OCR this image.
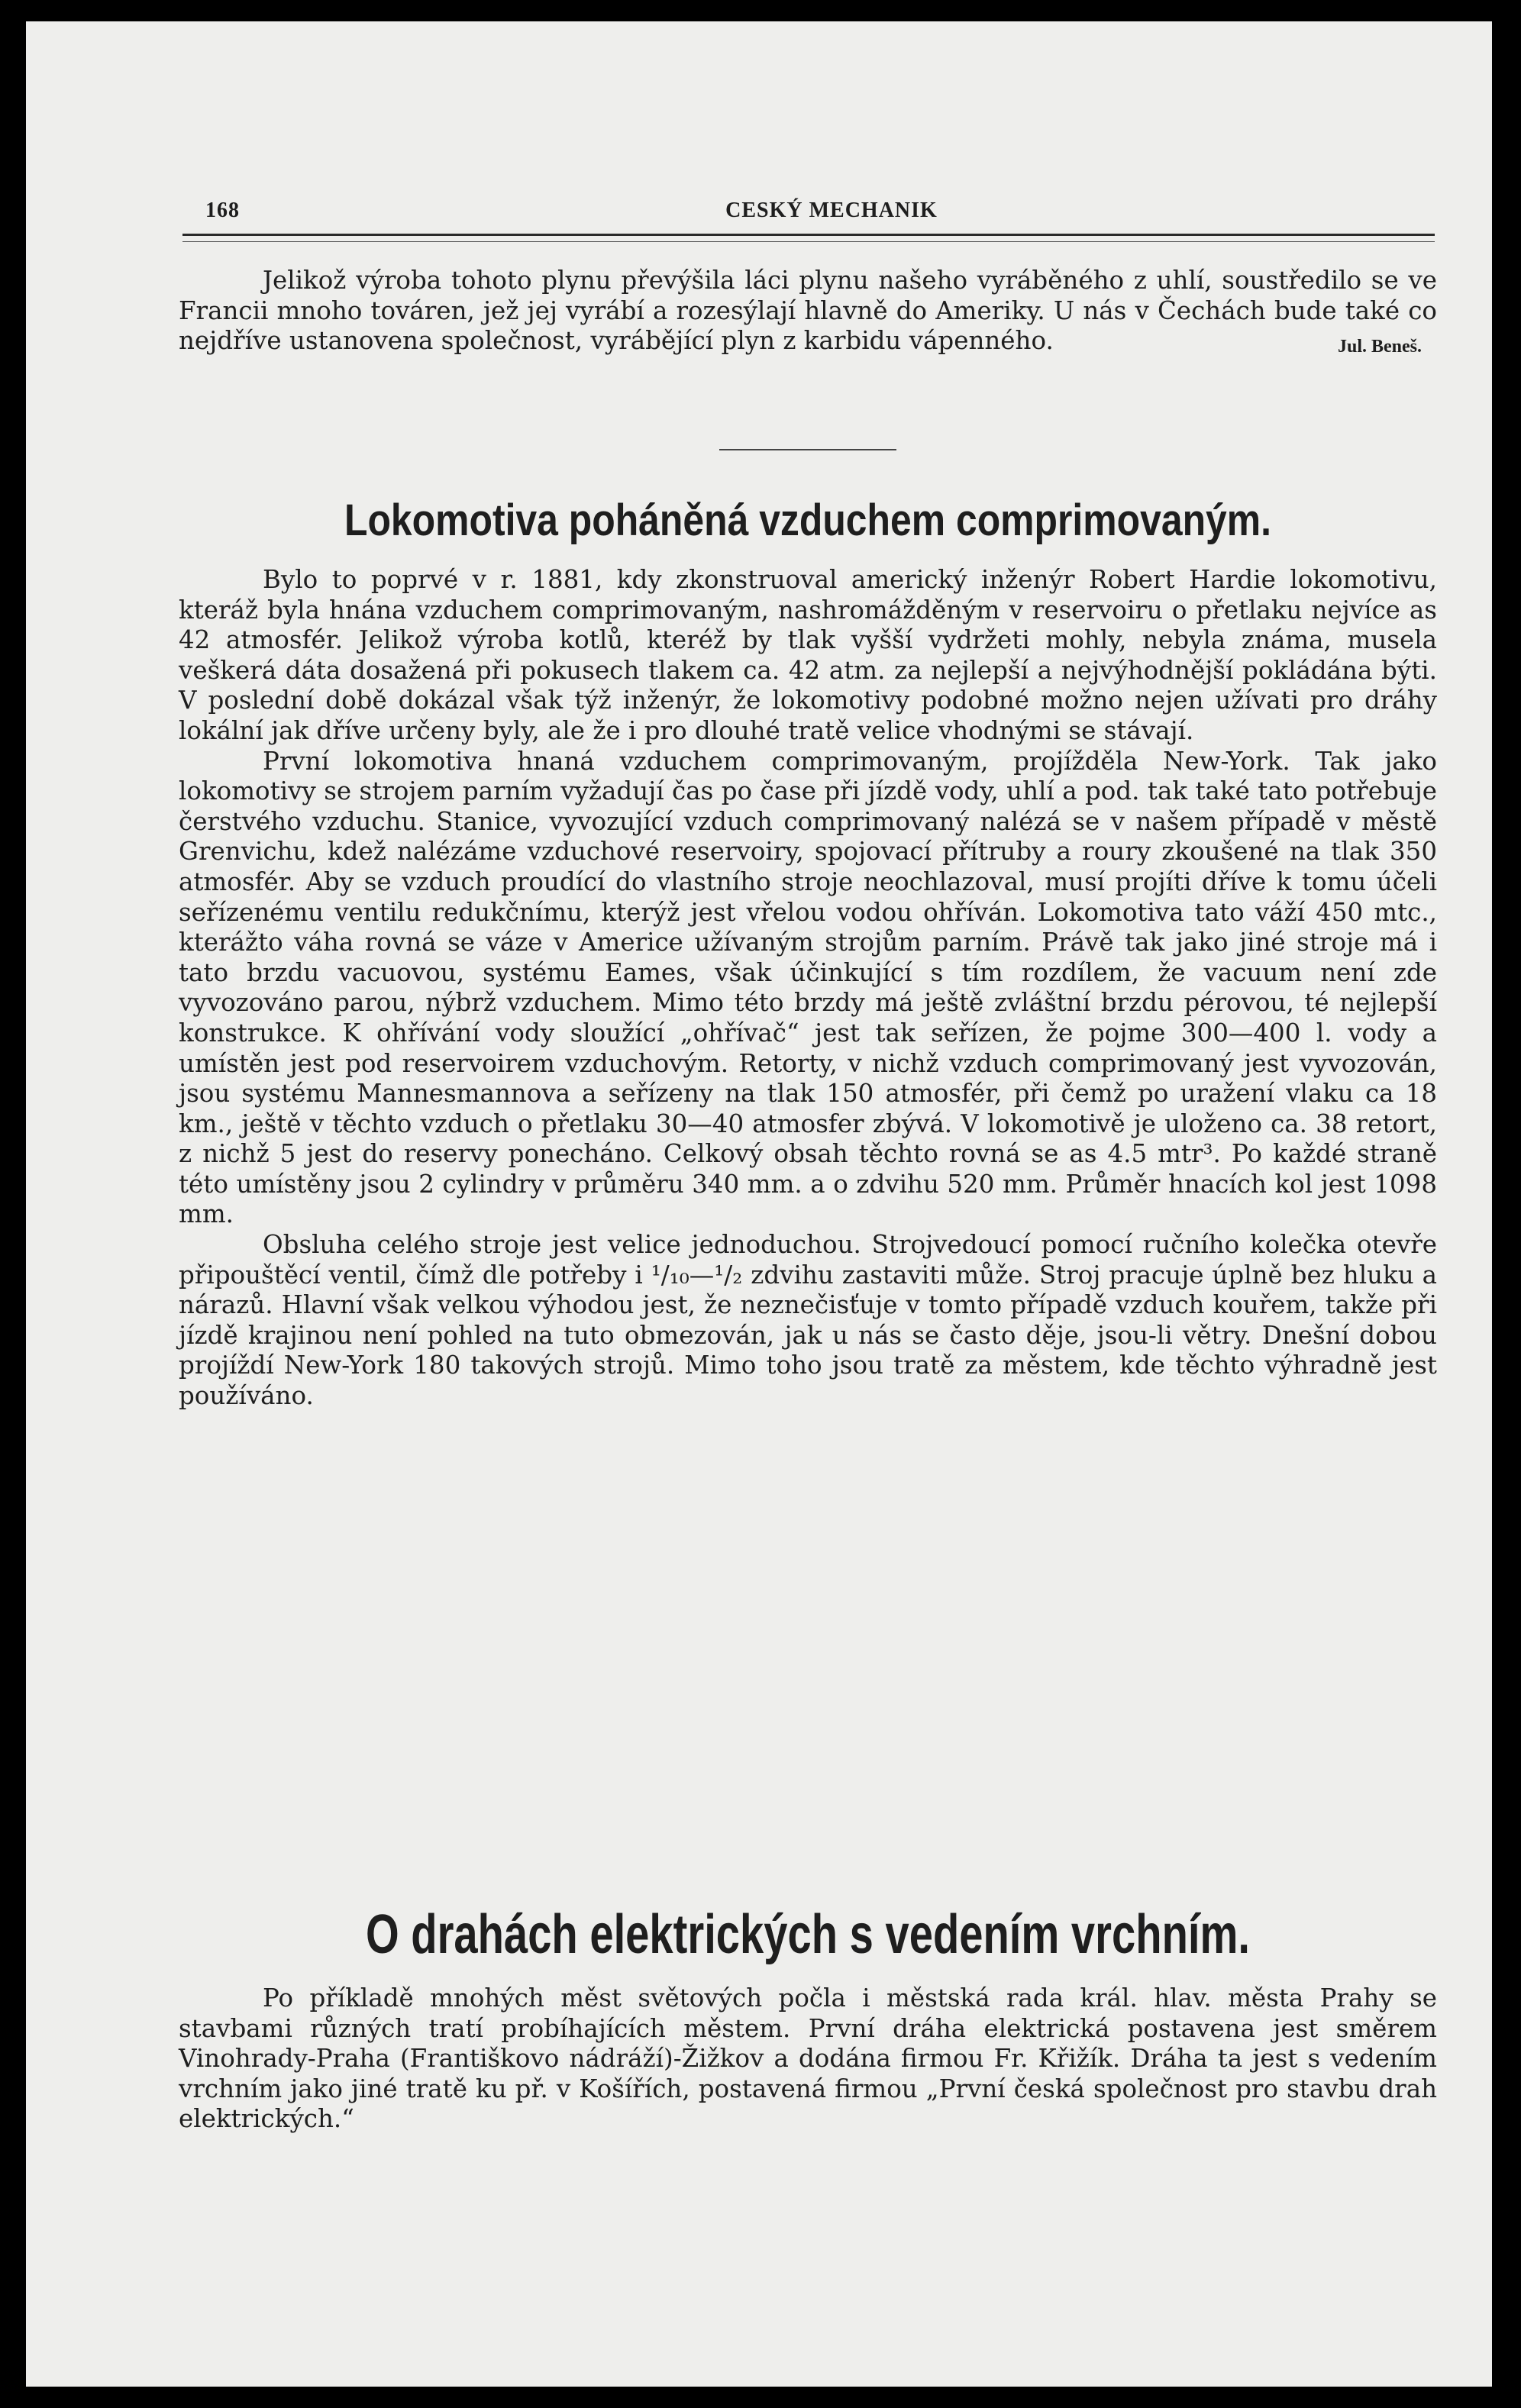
168	CESKÝ MECHANIK

Jelikož výroba tohoto plynu převýšila láci plynu našeho vyráběného z uhlí, soustředilo se ve Francii mnoho továren, jež jej vyrábí a rozesýlají hlavně do Ameriky. U nás v Čechách bude také co nejdříve ustanovena společnost, vyrábějící plyn z karbidu vápenného.	Jul. Beneš.
Lokomotiva poháněná vzduchem comprimovaným.

Bylo to poprvé v r. 1881, kdy zkonstruoval americký inženýr Robert Hardie lokomotivu, kteráž byla hnána vzduchem comprimovaným, nashromážděným v reservoiru o přetlaku nejvíce as 42 atmosfér. Jelikož výroba kotlů, kteréž by tlak vyšší vydržeti mohly, nebyla známa, musela veškerá dáta dosažená při pokusech tlakem ca. 42 atm. za nejlepší a nejvýhodnější pokládána býti. V poslední době dokázal však týž inženýr, že lokomotivy podobné možno nejen užívati pro dráhy lokální jak dříve určeny byly, ale že i pro dlouhé tratě velice vhodnými se stávají.

První lokomotiva hnaná vzduchem comprimovaným, projížděla New-York. Tak jako lokomotivy se strojem parním vyžadují čas po čase při jízdě vody, uhlí a pod. tak také tato potřebuje čerstvého vzduchu. Stanice, vyvozující vzduch comprimovaný nalézá se v našem případě v městě Grenvichu, kdež nalézáme vzduchové reservoiry, spojovací přítruby a roury zkoušené na tlak 350 atmosfér. Aby se vzduch proudící do vlastního stroje neochlazoval, musí projíti dříve k tomu účeli seřízenému ventilu redukčnímu, kterýž jest vřelou vodou ohříván. Lokomotiva tato váží 450 mtc., kterážto váha rovná se váze v Americe užívaným strojům parním. Právě tak jako jiné stroje má i tato brzdu vacuovou, systému Eames, však účinkující s tím rozdílem, že vacuum není zde vyvozováno parou, nýbrž vzduchem. Mimo této brzdy má ještě zvláštní brzdu pérovou, té nejlepší konstrukce. K ohřívání vody sloužící „ohřívač“ jest tak seřízen, že pojme 300—400 l. vody a umístěn jest pod reservoirem vzduchovým. Retorty, v nichž vzduch comprimovaný jest vyvozován, jsou systému Mannesmannova a seřízeny na tlak 150 atmosfér, při čemž po uražení vlaku ca 18 km., ještě v těchto vzduch o přetlaku 30—40 atmosfer zbývá. V lokomotivě je uloženo ca. 38 retort, z nichž 5 jest do reservy ponecháno. Celkový obsah těchto rovná se as 4.5 mtr³. Po každé straně této umístěny jsou 2 cylindry v průměru 340 mm. a o zdvihu 520 mm. Průměr hnacích kol jest 1098 mm.

Obsluha celého stroje jest velice jednoduchou. Strojvedoucí pomocí ručního kolečka otevře připouštěcí ventil, čímž dle potřeby i ¹/₁₀—¹/₂ zdvihu zastaviti může. Stroj pracuje úplně bez hluku a nárazů. Hlavní však velkou výhodou jest, že neznečisťuje v tomto případě vzduch kouřem, takže při jízdě krajinou není pohled na tuto obmezován, jak u nás se často děje, jsou-li větry. Dnešní dobou projíždí New-York 180 takových strojů. Mimo toho jsou tratě za městem, kde těchto výhradně jest používáno.

O drahách elektrických s vedením vrchním.

Po příkladě mnohých měst světových počla i městská rada král. hlav. města Prahy se stavbami různých tratí probíhajících městem. První dráha elektrická postavena jest směrem Vinohrady-Praha (Františkovo nádráží)-Žižkov a dodána firmou Fr. Křižík. Dráha ta jest s vedením vrchním jako jiné tratě ku př. v Košířích, postavená firmou „První česká společnost pro stavbu drah elektrických.“
